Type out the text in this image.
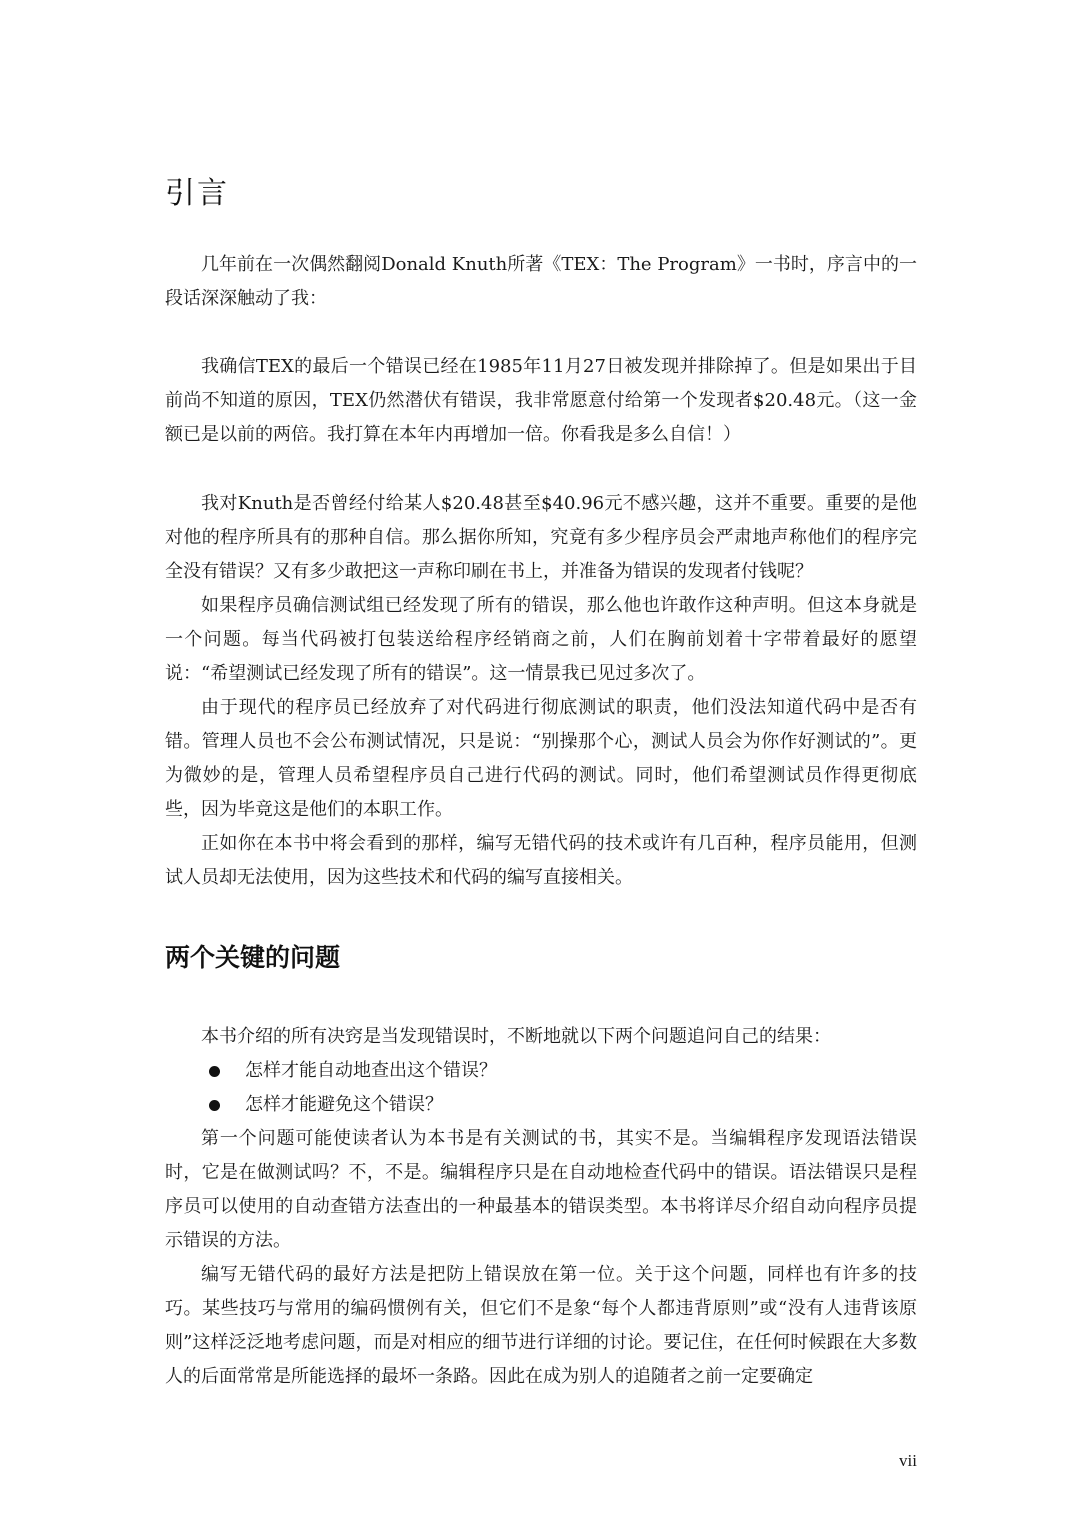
引言

几年前在一次偶然翻阅Donald Knuth所著《TEX：The Program》一书时，序言中的一段话深深触动了我：

我确信TEX的最后一个错误已经在1985年11月27日被发现并排除掉了。但是如果出于目前尚不知道的原因，TEX仍然潜伏有错误，我非常愿意付给第一个发现者$20.48元。（这一金额已是以前的两倍。我打算在本年内再增加一倍。你看我是多么自信！）

我对Knuth是否曾经付给某人$20.48甚至$40.96元不感兴趣，这并不重要。重要的是他对他的程序所具有的那种自信。那么据你所知，究竟有多少程序员会严肃地声称他们的程序完全没有错误？又有多少敢把这一声称印刷在书上，并准备为错误的发现者付钱呢？

如果程序员确信测试组已经发现了所有的错误，那么他也许敢作这种声明。但这本身就是一个问题。每当代码被打包装送给程序经销商之前，人们在胸前划着十字带着最好的愿望说：“希望测试已经发现了所有的错误”。这一情景我已见过多次了。

由于现代的程序员已经放弃了对代码进行彻底测试的职责，他们没法知道代码中是否有错。管理人员也不会公布测试情况，只是说：“别操那个心，测试人员会为你作好测试的”。更为微妙的是，管理人员希望程序员自己进行代码的测试。同时，他们希望测试员作得更彻底些，因为毕竟这是他们的本职工作。

正如你在本书中将会看到的那样，编写无错代码的技术或许有几百种，程序员能用，但测试人员却无法使用，因为这些技术和代码的编写直接相关。

两个关键的问题

本书介绍的所有决窍是当发现错误时，不断地就以下两个问题追问自己的结果：

怎样才能自动地查出这个错误？
怎样才能避免这个错误？

第一个问题可能使读者认为本书是有关测试的书，其实不是。当编辑程序发现语法错误时，它是在做测试吗？不，不是。编辑程序只是在自动地检查代码中的错误。语法错误只是程序员可以使用的自动查错方法查出的一种最基本的错误类型。本书将详尽介绍自动向程序员提示错误的方法。

编写无错代码的最好方法是把防上错误放在第一位。关于这个问题，同样也有许多的技巧。某些技巧与常用的编码惯例有关，但它们不是象“每个人都违背原则”或“没有人违背该原则”这样泛泛地考虑问题，而是对相应的细节进行详细的讨论。要记住，在任何时候跟在大多数人的后面常常是所能选择的最坏一条路。因此在成为别人的追随者之前一定要确定

vii
